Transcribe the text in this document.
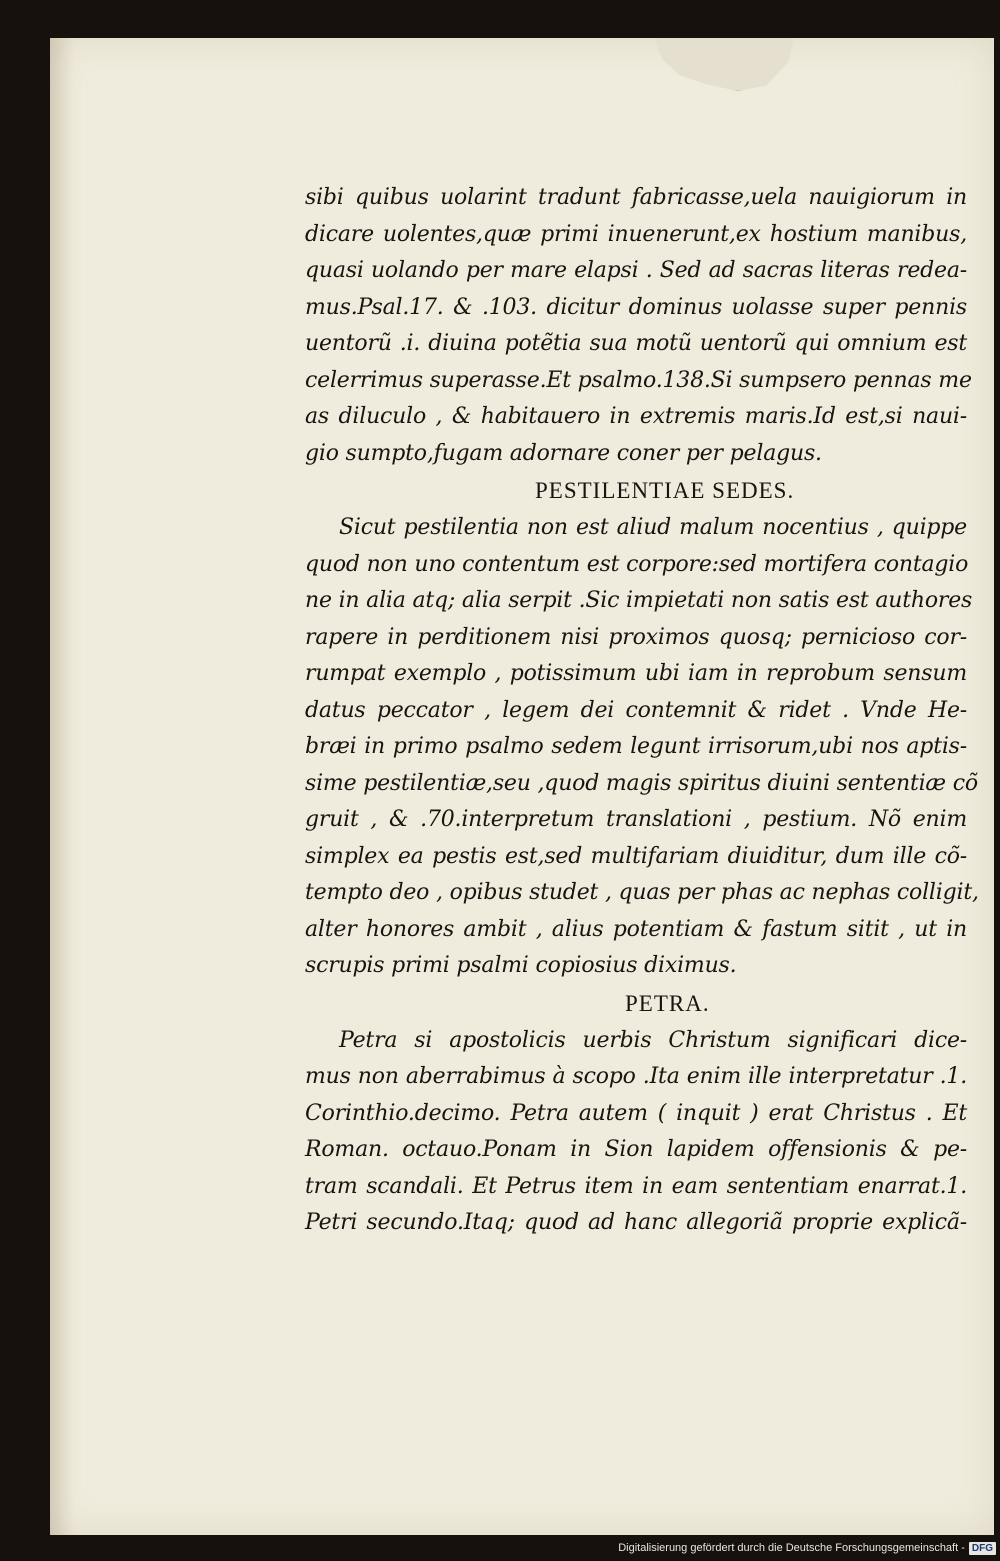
sibi quibus uolarint tradunt fabricasse,uela nauigiorum in
dicare uolentes,quæ primi inuenerunt,ex hostium manibus,
quasi uolando per mare elapsi . Sed ad sacras literas redea-
mus.Psal.17. & .103. dicitur dominus uolasse super pennis
uentorũ .i. diuina potẽtia sua motũ uentorũ qui omnium est
celerrimus superasse.Et psalmo.138.Si sumpsero pennas me
as diluculo , & habitauero in extremis maris.Id est,si naui-
gio sumpto,fugam adornare coner per pelagus.
PESTILENTIAE SEDES.
Sicut pestilentia non est aliud malum nocentius , quippe
quod non uno contentum est corpore:sed mortifera contagio
ne in alia atq; alia serpit .Sic impietati non satis est authores
rapere in perditionem nisi proximos quosq; pernicioso cor-
rumpat exemplo , potissimum ubi iam in reprobum sensum
datus peccator , legem dei contemnit & ridet . Vnde He-
bræi in primo psalmo sedem legunt irrisorum,ubi nos aptis-
sime pestilentiæ,seu ,quod magis spiritus diuini sententiæ cõ
gruit , & .70.interpretum translationi , pestium. Nõ enim
simplex ea pestis est,sed multifariam diuiditur, dum ille cõ-
tempto deo , opibus studet , quas per phas ac nephas colligit,
alter honores ambit , alius potentiam & fastum sitit , ut in
scrupis primi psalmi copiosius diximus.
PETRA.
Petra si apostolicis uerbis Christum significari dice-
mus non aberrabimus à scopo .Ita enim ille interpretatur .1.
Corinthio.decimo. Petra autem ( inquit ) erat Christus . Et
Roman. octauo.Ponam in Sion lapidem offensionis & pe-
tram scandali. Et Petrus item in eam sententiam enarrat.1.
Petri secundo.Itaq; quod ad hanc allegoriã proprie explicã-
Digitalisierung gefördert durch die Deutsche Forschungsgemeinschaft - DFG
